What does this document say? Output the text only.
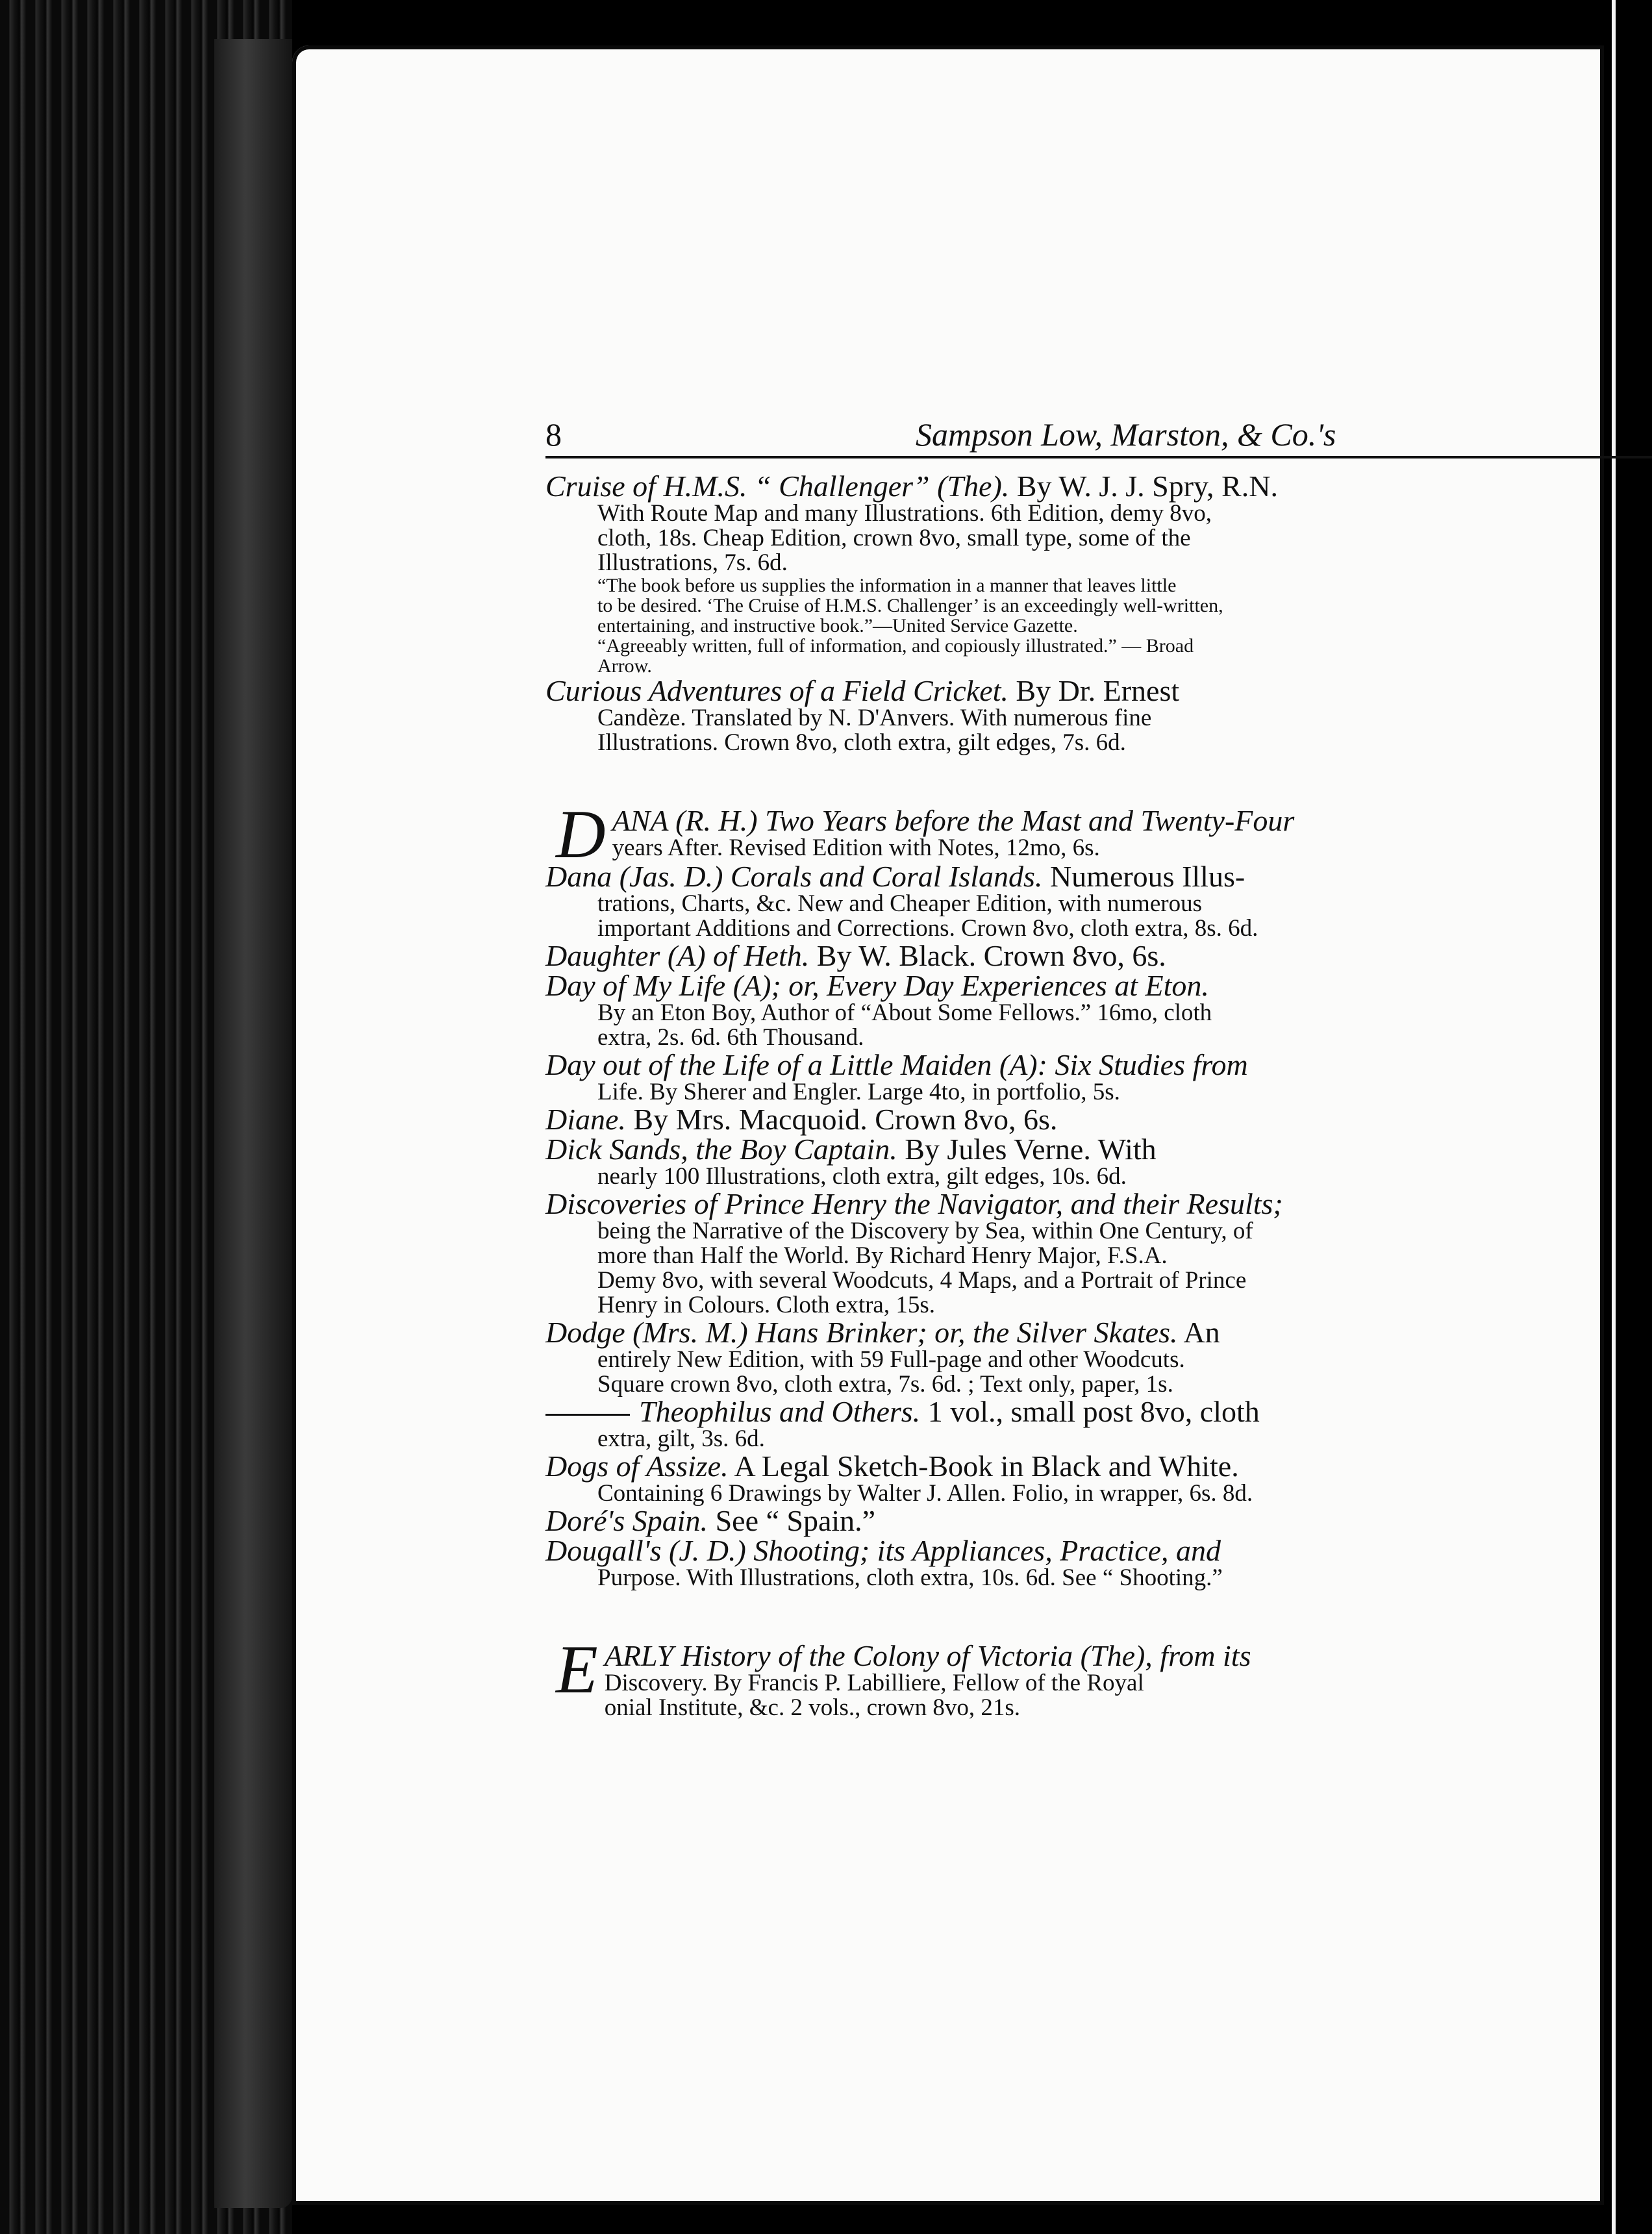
8	Sampson Low, Marston, & Co.'s
Cruise of H.M.S. “ Challenger” (The). By W. J. J. Spry, R.N.
With Route Map and many Illustrations. 6th Edition, demy 8vo,
cloth, 18s. Cheap Edition, crown 8vo, small type, some of the
Illustrations, 7s. 6d.
“The book before us supplies the information in a manner that leaves little
to be desired. ‘The Cruise of H.M.S. Challenger’ is an exceedingly well-written,
entertaining, and instructive book.”—United Service Gazette.
“Agreeably written, full of information, and copiously illustrated.” — Broad
Arrow.
Curious Adventures of a Field Cricket. By Dr. Ernest
Candèze. Translated by N. D'Anvers. With numerous fine
Illustrations. Crown 8vo, cloth extra, gilt edges, 7s. 6d.
D ANA (R. H.) Two Years before the Mast and Twenty-Four
years After. Revised Edition with Notes, 12mo, 6s.
Dana (Jas. D.) Corals and Coral Islands. Numerous Illus-
trations, Charts, &c. New and Cheaper Edition, with numerous
important Additions and Corrections. Crown 8vo, cloth extra, 8s. 6d.
Daughter (A) of Heth. By W. Black. Crown 8vo, 6s.
Day of My Life (A); or, Every Day Experiences at Eton.
By an Eton Boy, Author of “About Some Fellows.” 16mo, cloth
extra, 2s. 6d. 6th Thousand.
Day out of the Life of a Little Maiden (A): Six Studies from
Life. By Sherer and Engler. Large 4to, in portfolio, 5s.
Diane. By Mrs. Macquoid. Crown 8vo, 6s.
Dick Sands, the Boy Captain. By Jules Verne. With
nearly 100 Illustrations, cloth extra, gilt edges, 10s. 6d.
Discoveries of Prince Henry the Navigator, and their Results;
being the Narrative of the Discovery by Sea, within One Century, of
more than Half the World. By Richard Henry Major, F.S.A.
Demy 8vo, with several Woodcuts, 4 Maps, and a Portrait of Prince
Henry in Colours. Cloth extra, 15s.
Dodge (Mrs. M.) Hans Brinker; or, the Silver Skates. An
entirely New Edition, with 59 Full-page and other Woodcuts.
Square crown 8vo, cloth extra, 7s. 6d. ; Text only, paper, 1s.
Theophilus and Others. 1 vol., small post 8vo, cloth
extra, gilt, 3s. 6d.
Dogs of Assize. A Legal Sketch-Book in Black and White.
Containing 6 Drawings by Walter J. Allen. Folio, in wrapper, 6s. 8d.
Doré's Spain. See “ Spain.”
Dougall's (J. D.) Shooting; its Appliances, Practice, and
Purpose. With Illustrations, cloth extra, 10s. 6d. See “ Shooting.”
E ARLY History of the Colony of Victoria (The), from its
Discovery. By Francis P. Labilliere, Fellow of the Royal
onial Institute, &c. 2 vols., crown 8vo, 21s.
